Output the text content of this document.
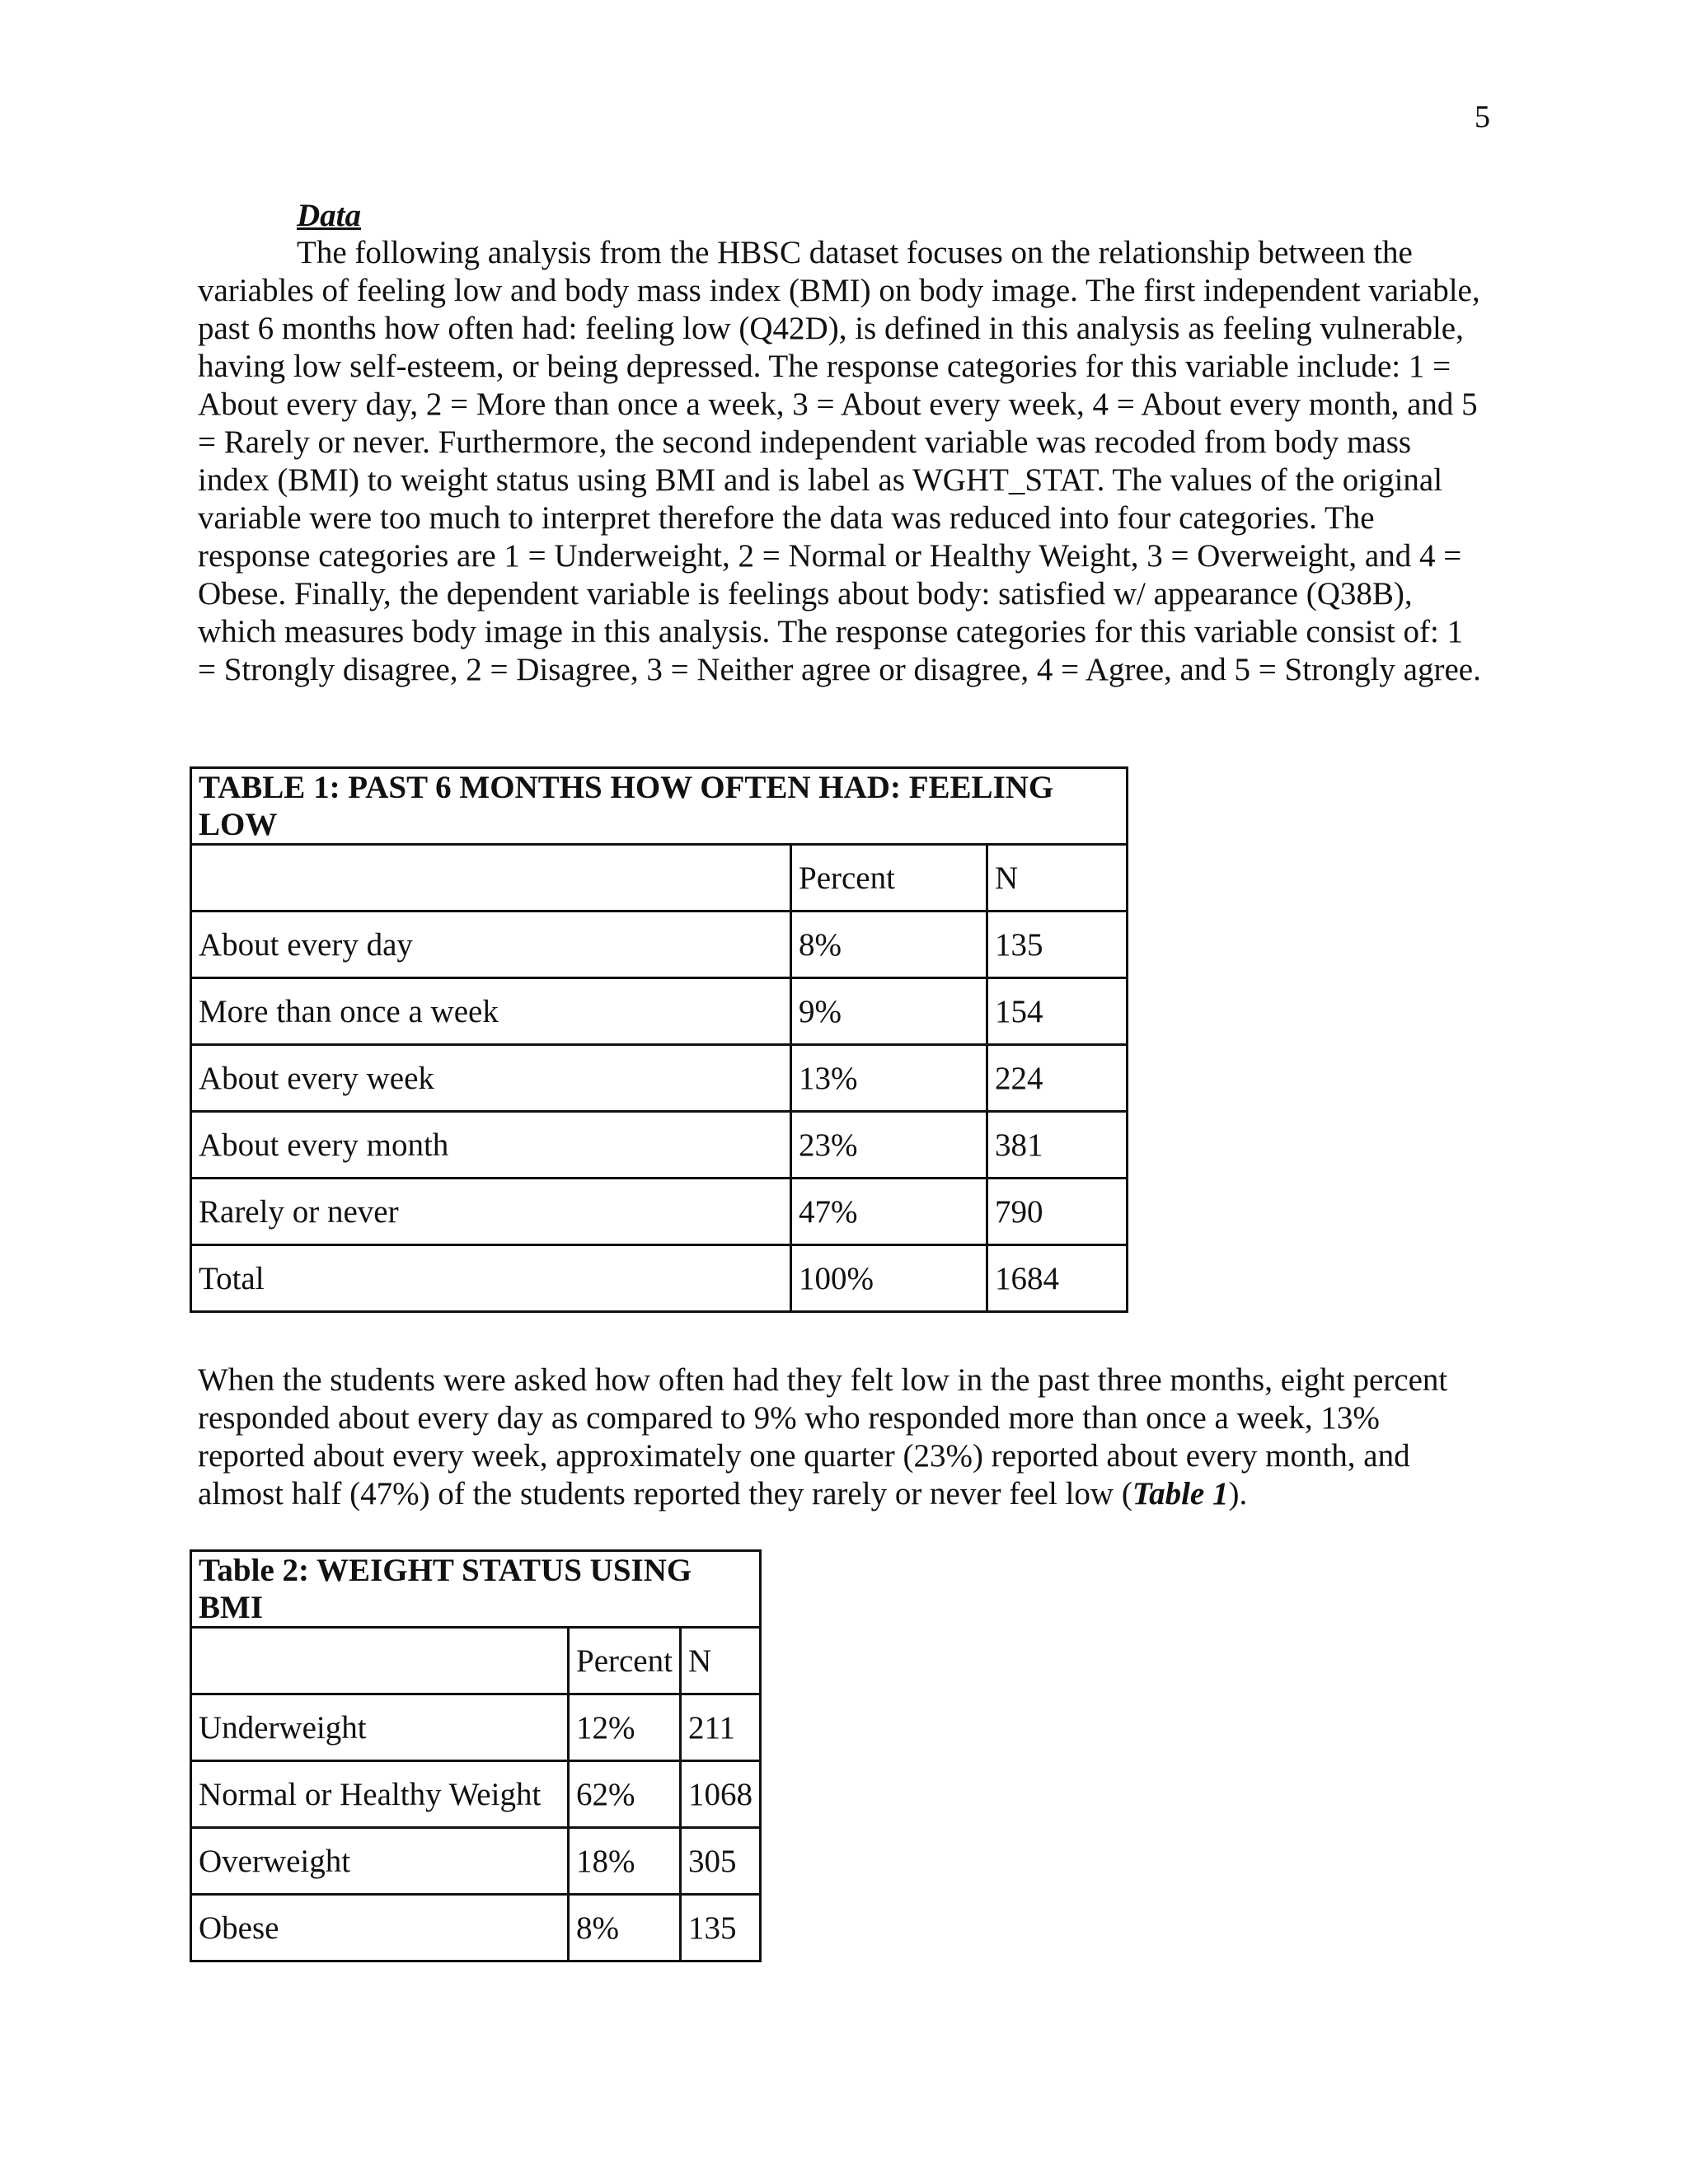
5
Data

The following analysis from the HBSC dataset focuses on the relationship between the variables of feeling low and body mass index (BMI) on body image. The first independent variable, past 6 months how often had: feeling low (Q42D), is defined in this analysis as feeling vulnerable, having low self-esteem, or being depressed. The response categories for this variable include: 1 = About every day, 2 = More than once a week, 3 = About every week, 4 = About every month, and 5 = Rarely or never. Furthermore, the second independent variable was recoded from body mass index (BMI) to weight status using BMI and is label as WGHT_STAT. The values of the original variable were too much to interpret therefore the data was reduced into four categories. The response categories are 1 = Underweight, 2 = Normal or Healthy Weight, 3 = Overweight, and 4 = Obese. Finally, the dependent variable is feelings about body: satisfied w/ appearance (Q38B), which measures body image in this analysis. The response categories for this variable consist of: 1 = Strongly disagree, 2 = Disagree, 3 = Neither agree or disagree, 4 = Agree, and 5 = Strongly agree.

TABLE 1: PAST 6 MONTHS HOW OFTEN HAD: FEELING LOW		
	Percent	N
About every day	8%	135
More than once a week	9%	154
About every week	13%	224
About every month	23%	381
Rarely or never	47%	790
Total	100%	1684

When the students were asked how often had they felt low in the past three months, eight percent responded about every day as compared to 9% who responded more than once a week, 13% reported about every week, approximately one quarter (23%) reported about every month, and almost half (47%) of the students reported they rarely or never feel low (Table 1).

Table 2: WEIGHT STATUS USING BMI		
	Percent	N
Underweight	12%	211
Normal or Healthy Weight	62%	1068
Overweight	18%	305
Obese	8%	135
